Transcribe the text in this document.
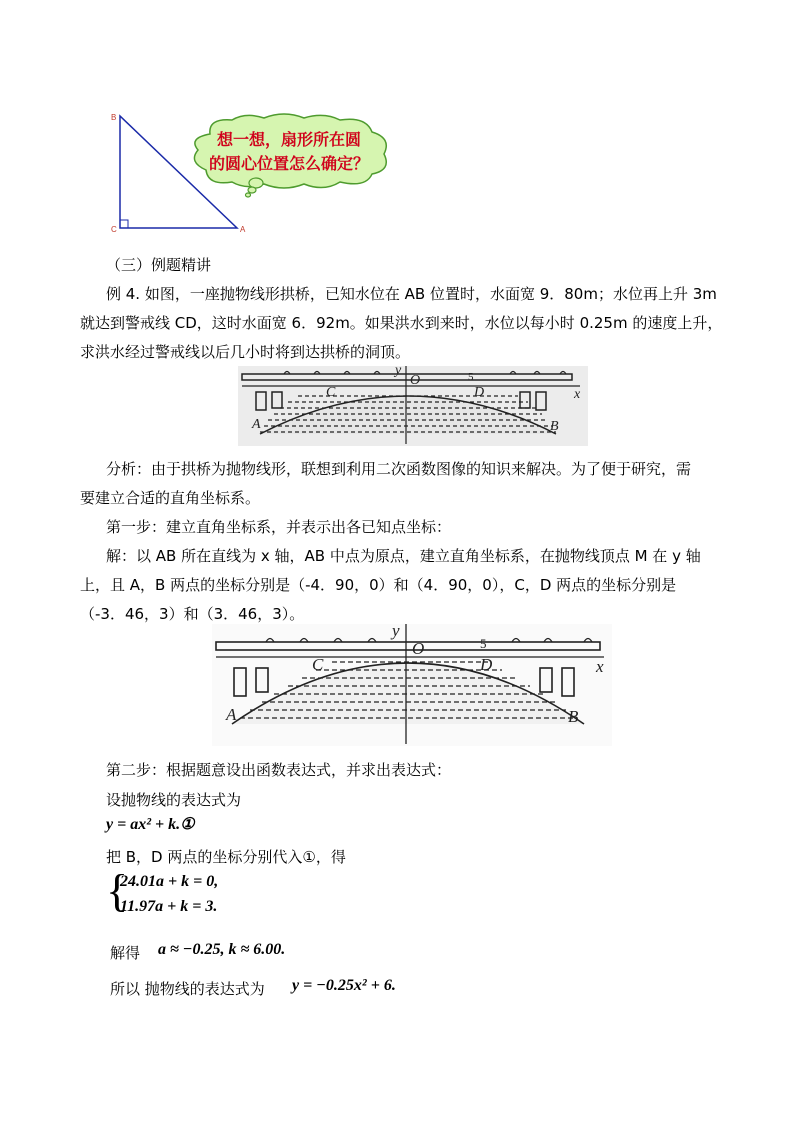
B
C	A
想一想，扇形所在圆
的圆心位置怎么确定？
（三）例题精讲
例 4. 如图，一座抛物线形拱桥，已知水位在 AB 位置时，水面宽 9．80m；水位再上升 3m
就达到警戒线 CD，这时水面宽 6．92m。如果洪水到来时，水位以每小时 0.25m 的速度上升，
求洪水经过警戒线以后几小时将到达拱桥的洞顶。
y
O
x
C	D
A	B
5
分析：由于拱桥为抛物线形，联想到利用二次函数图像的知识来解决。为了便于研究，需
要建立合适的直角坐标系。
第一步：建立直角坐标系，并表示出各已知点坐标：
解：以 AB 所在直线为 x 轴，AB 中点为原点，建立直角坐标系，在抛物线顶点 M 在 y 轴
上，且 A，B 两点的坐标分别是（-4．90，0）和（4．90，0），C，D 两点的坐标分别是
（-3．46，3）和（3．46，3）。
y
O
x
C	D
A	B
5
第二步：根据题意设出函数表达式，并求出表达式：
设抛物线的表达式为
y = ax² + k.①
把 B，D 两点的坐标分别代入①，得
{
24.01a + k = 0,
11.97a + k = 3.
解得 a ≈ −0.25, k ≈ 6.00.
所以 抛物线的表达式为 y = −0.25x² + 6.
